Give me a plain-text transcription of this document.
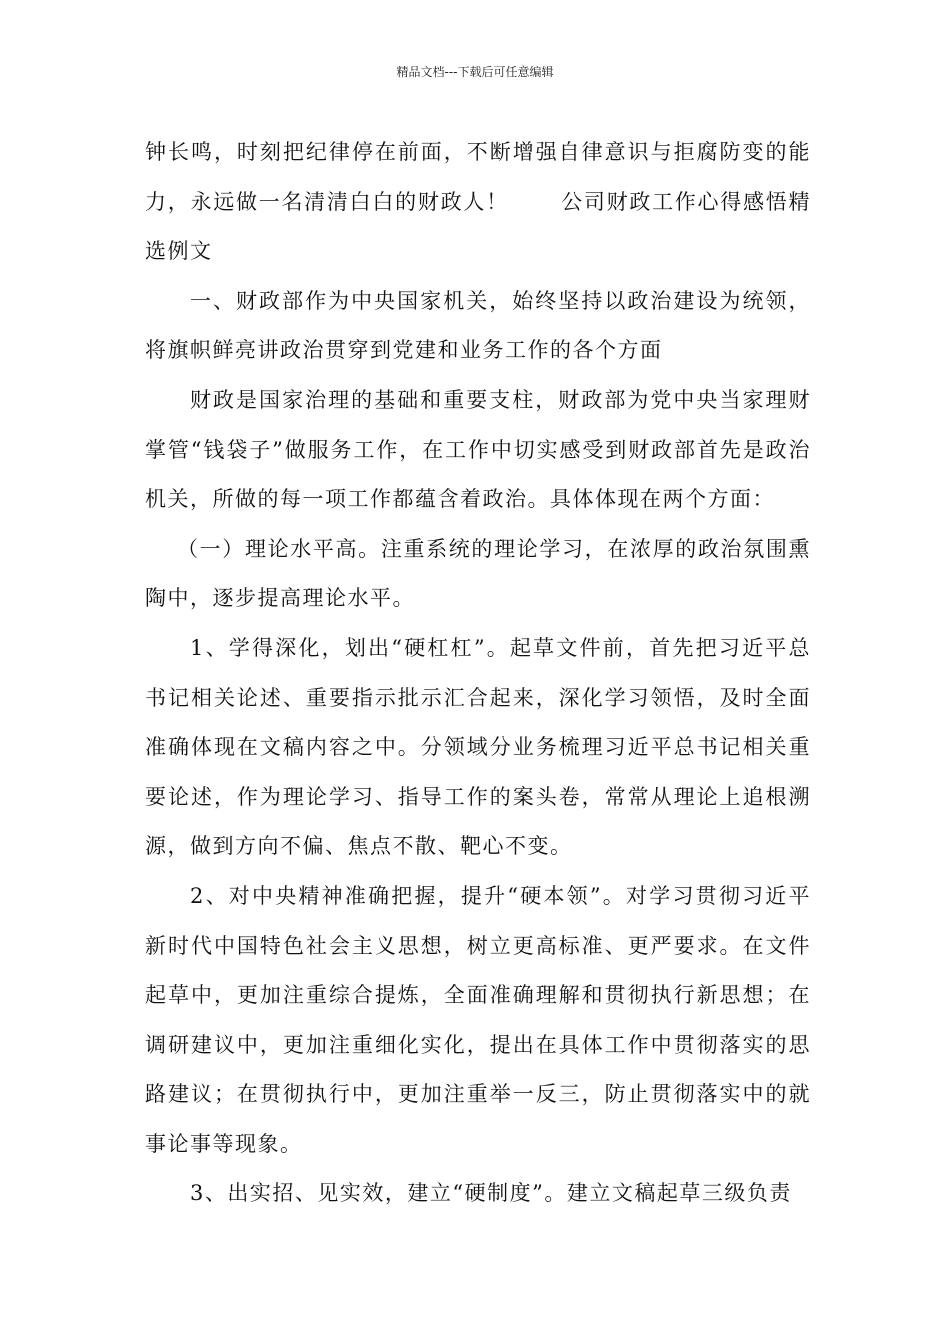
精品文档---下载后可任意编辑

钟长鸣，时刻把纪律停在前面，不断增强自律意识与拒腐防变的能力，永远做一名清清白白的财政人！ 公司财政工作心得感悟精选例文

一、财政部作为中央国家机关，始终坚持以政治建设为统领，将旗帜鲜亮讲政治贯穿到党建和业务工作的各个方面

财政是国家治理的基础和重要支柱，财政部为党中央当家理财掌管“钱袋子”做服务工作，在工作中切实感受到财政部首先是政治机关，所做的每一项工作都蕴含着政治。具体体现在两个方面：

（一）理论水平高。注重系统的理论学习，在浓厚的政治氛围熏陶中，逐步提高理论水平。

1、学得深化，划出“硬杠杠”。起草文件前，首先把习近平总书记相关论述、重要指示批示汇合起来，深化学习领悟，及时全面准确体现在文稿内容之中。分领域分业务梳理习近平总书记相关重要论述，作为理论学习、指导工作的案头卷，常常从理论上追根溯源，做到方向不偏、焦点不散、靶心不变。

2、对中央精神准确把握，提升“硬本领”。对学习贯彻习近平新时代中国特色社会主义思想，树立更高标准、更严要求。在文件起草中，更加注重综合提炼，全面准确理解和贯彻执行新思想；在调研建议中，更加注重细化实化，提出在具体工作中贯彻落实的思路建议；在贯彻执行中，更加注重举一反三，防止贯彻落实中的就事论事等现象。

3、出实招、见实效，建立“硬制度”。建立文稿起草三级负责
